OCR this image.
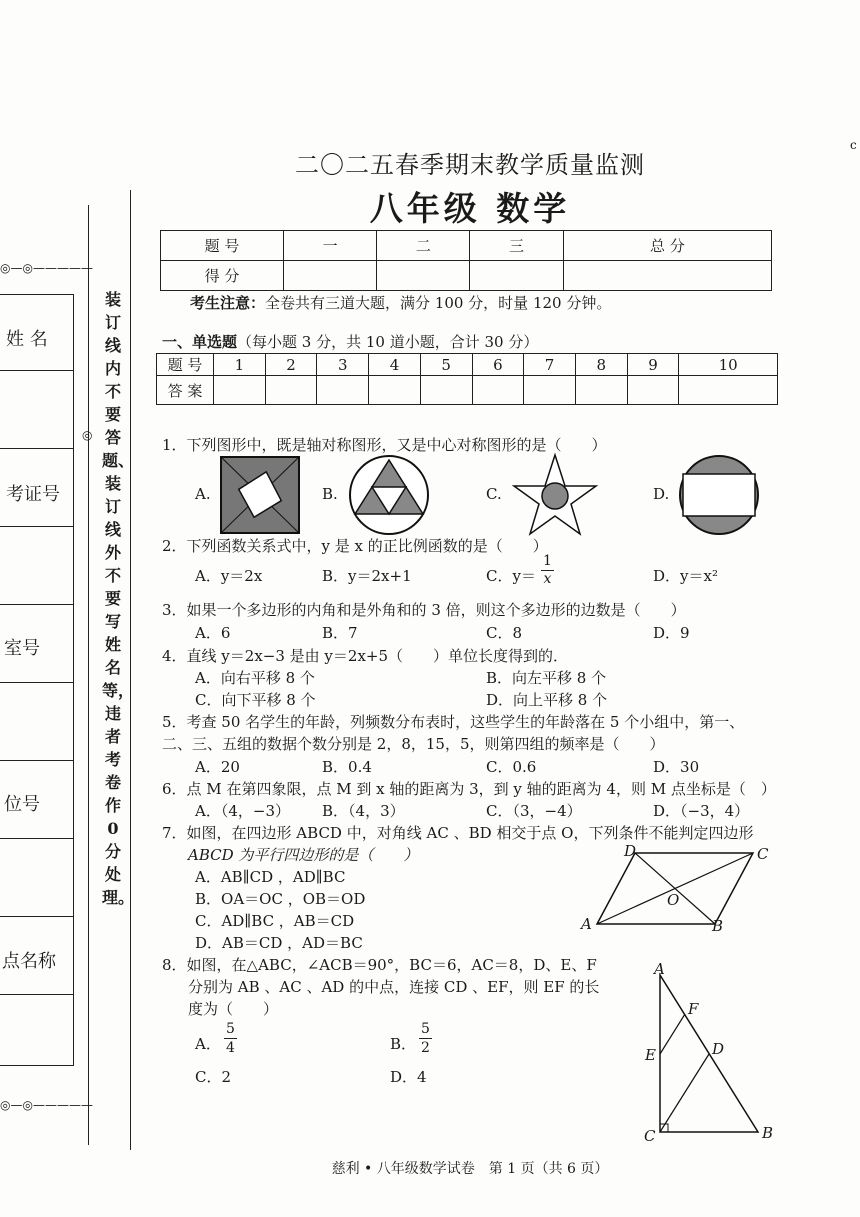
◎—◎—————
姓 名
考证号
室号
位号
点名称
◎—◎—————
◎
装订线内不要答题、装订线外不要写姓名等，违者考卷作0分处理。
c
二〇二五春季期末教学质量监测
八年级 数学
题 号	一	二	三	总 分
得 分				
考生注意：全卷共有三道大题，满分 100 分，时量 120 分钟。
一、单选题（每小题 3 分，共 10 道小题，合计 30 分）
题 号	1	2	3	4	5	6	7	8	9	10
答 案										
1．下列图形中，既是轴对称图形，又是中心对称图形的是（　　）
A.	B.	C.	D.
2．下列函数关系式中，y 是 x 的正比例函数的是（　　）
A．y＝2x	B．y＝2x+1	C．$y= \frac{1}{x}$	D．y＝x²
3．如果一个多边形的内角和是外角和的 3 倍，则这个多边形的边数是（　　）
A．6	B．7	C．8	D．9
4．直线 y＝2x−3 是由 y＝2x+5（　　）单位长度得到的．
A．向右平移 8 个	B．向左平移 8 个
C．向下平移 8 个	D．向上平移 8 个
5．考查 50 名学生的年龄，列频数分布表时，这些学生的年龄落在 5 个小组中，第一、
二、三、五组的数据个数分别是 2，8，15，5，则第四组的频率是（　　）
A．20	B．0.4	C．0.6	D．30
6．点 M 在第四象限，点 M 到 x 轴的距离为 3，到 y 轴的距离为 4，则 M 点坐标是（　）
A．（4，−3） B．（4，3）	C．（3，−4）	D．（−3，4）
7．如图，在四边形 ABCD 中，对角线 AC 、BD 相交于点 O，下列条件不能判定四边形
ABCD 为平行四边形的是（　　）
A．AB∥CD ，AD∥BC
B．OA＝OC ，OB＝OD
C．AD∥BC ，AB＝CD
D．AB＝CD ，AD＝BC
D	C
O
A	B
8．如图，在△ABC，∠ACB＝90°，BC＝6，AC＝8，D、E、F
分别为 AB 、AC 、AD 的中点，连接 CD 、EF，则 EF 的长
度为（　　）
A． $\frac{5}{4}$	B． $\frac{5}{2}$
C．2	D．4
A
F
E	D
C	B
慈利 • 八年级数学试卷　第 1 页（共 6 页）
